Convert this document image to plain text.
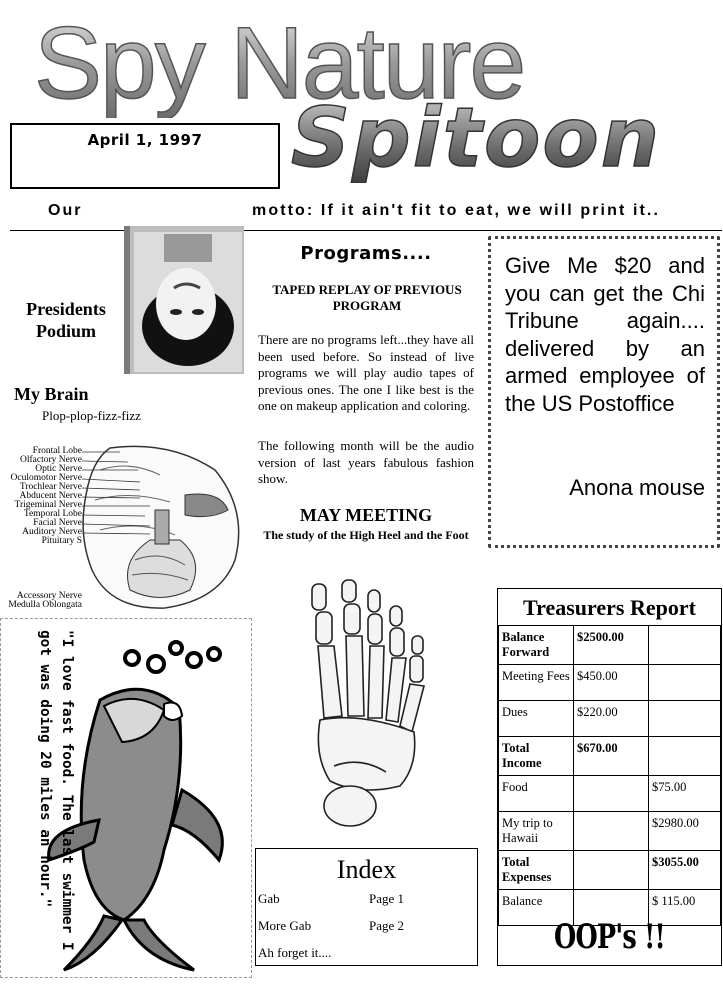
Spy Nature
Spitoon
April 1, 1997
Our	motto: If it ain't fit to eat, we will print it..
Presidents Podium
My Brain
Plop-plop-fizz-fizz
Frontal Lobe
Olfactory Nerve
Optic Nerve
Oculomotor Nerve
Trochlear Nerve
Abducent Nerve
Trigeminal Nerve
Temporal Lobe
Facial Nerve
Auditory Nerve
Pituitary S
Accessory Nerve
Medulla Oblongata
"I love fast food. The last swimmer I got was doing 20 miles an hour."
Programs....
TAPED REPLAY OF PREVIOUS PROGRAM
There are no programs left...they have all been used before. So instead of live programs we will play audio tapes of previous ones. The one I like best is the one on makeup application and coloring.
The following month will be the audio version of last years fabulous fashion show.
MAY MEETING
The study of the High Heel and the Foot
Index
Gab	Page 1
More Gab	Page 2
Ah forget it....
Give Me $20 and you can get the Chi Tribune again.... delivered by an armed employee of the US Postoffice
Anona mouse
Treasurers Report
Balance Forward	$2500.00	
Meeting Fees	$450.00	
Dues	$220.00	
Total Income	$670.00	
Food		$75.00
My trip to Hawaii		$2980.00
Total Expenses		$3055.00
Balance		$ 115.00
OOP's !!
